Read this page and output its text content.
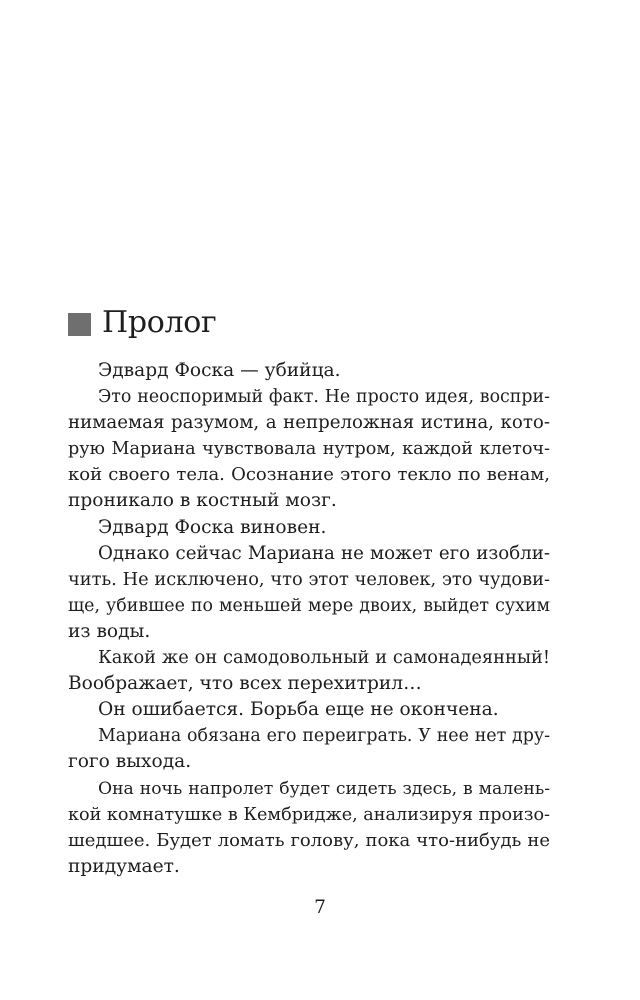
Пролог
Эдвард Фоска — убийца.
Это неоспоримый факт. Не просто идея, воспри-
нимаемая разумом, а непреложная истина, кото-
рую Мариана чувствовала нутром, каждой клеточ-
кой своего тела. Осознание этого текло по венам,
проникало в костный мозг.
Эдвард Фоска виновен.
Однако сейчас Мариана не может его изобли-
чить. Не исключено, что этот человек, это чудови-
ще, убившее по меньшей мере двоих, выйдет сухим
из воды.
Какой же он самодовольный и самонадеянный!
Воображает, что всех перехитрил…
Он ошибается. Борьба еще не окончена.
Мариана обязана его переиграть. У нее нет дру-
гого выхода.
Она ночь напролет будет сидеть здесь, в малень-
кой комнатушке в Кембридже, анализируя произо-
шедшее. Будет ломать голову, пока что-нибудь не
придумает.
7
